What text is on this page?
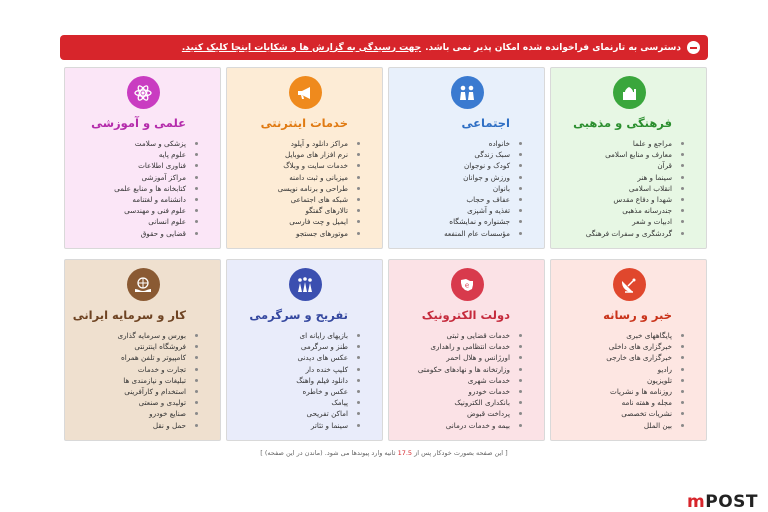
دسترسی به تارنمای فراخوانده شده امکان پذیر نمی باشد.
جهت رسیدگی به گزارش ها و شکایات اینجا کلیک کنید.
فرهنگی و مذهبی
مراجع و علما
معارف و منابع اسلامی
قرآن
سینما و هنر
انقلاب اسلامی
شهدا و دفاع مقدس
جندرسانه مذهبی
ادبیات و شعر
گردشگری و سفرات فرهنگی
اجتماعی
خانواده
سبک زندگی
کودک و نوجوان
ورزش و جوانان
بانوان
عفاف و حجاب
تغذیه و آشپزی
جشنواره و نمایشگاه
مؤسسات عام المنفعه
خدمات اینترنتی
مراکز دانلود و آپلود
نرم افزار های موبایل
خدمات سایت و وبلاگ
میزبانی و ثبت دامنه
طراحی و برنامه نویسی
شبکه های اجتماعی
تالارهای گفتگو
ایمیل و چت فارسی
موتورهای جستجو
علمی و آموزشی
پزشکی و سلامت
علوم پایه
فناوری اطلاعات
مراکز آموزشی
کتابخانه ها و منابع علمی
دانشنامه و لغتنامه
علوم فنی و مهندسی
علوم انسانی
قضایی و حقوق
خبر و رسانه
پایگاههای خبری
خبرگزاری های داخلی
خبرگزاری های خارجی
رادیو
تلویزیون
روزنامه ها و نشریات
مجله و هفته نامه
نشریات تخصصی
بین الملل
e
دولت الکترونیک
خدمات قضایی و ثبتی
خدمات انتظامی و راهداری
اورژانس و هلال احمر
وزارتخانه ها و نهادهای حکومتی
خدمات شهری
خدمات خودرو
بانکداری الکترونیک
پرداخت قبوض
بیمه و خدمات درمانی
تفریح و سرگرمی
بازیهای رایانه ای
طنز و سرگرمی
عکس های دیدنی
کلیپ خنده دار
دانلود فیلم واهنگ
عکس و خاطره
پیامک
اماکن تفریحی
سینما و تئاتر
کار و سرمایه ایرانی
بورس و سرمایه گذاری
فروشگاه اینترنتی
کامپیوتر و تلفن همراه
تجارت و خدمات
تبلیغات و نیازمندی ها
استخدام و کارآفرینی
تولیدی و صنعتی
صنایع خودرو
حمل و نقل
[ این صفحه بصورت خودکار پس از 17.5 ثانیه وارد پیوندها می شود. (ماندن در این صفحه) ]
mPOST
